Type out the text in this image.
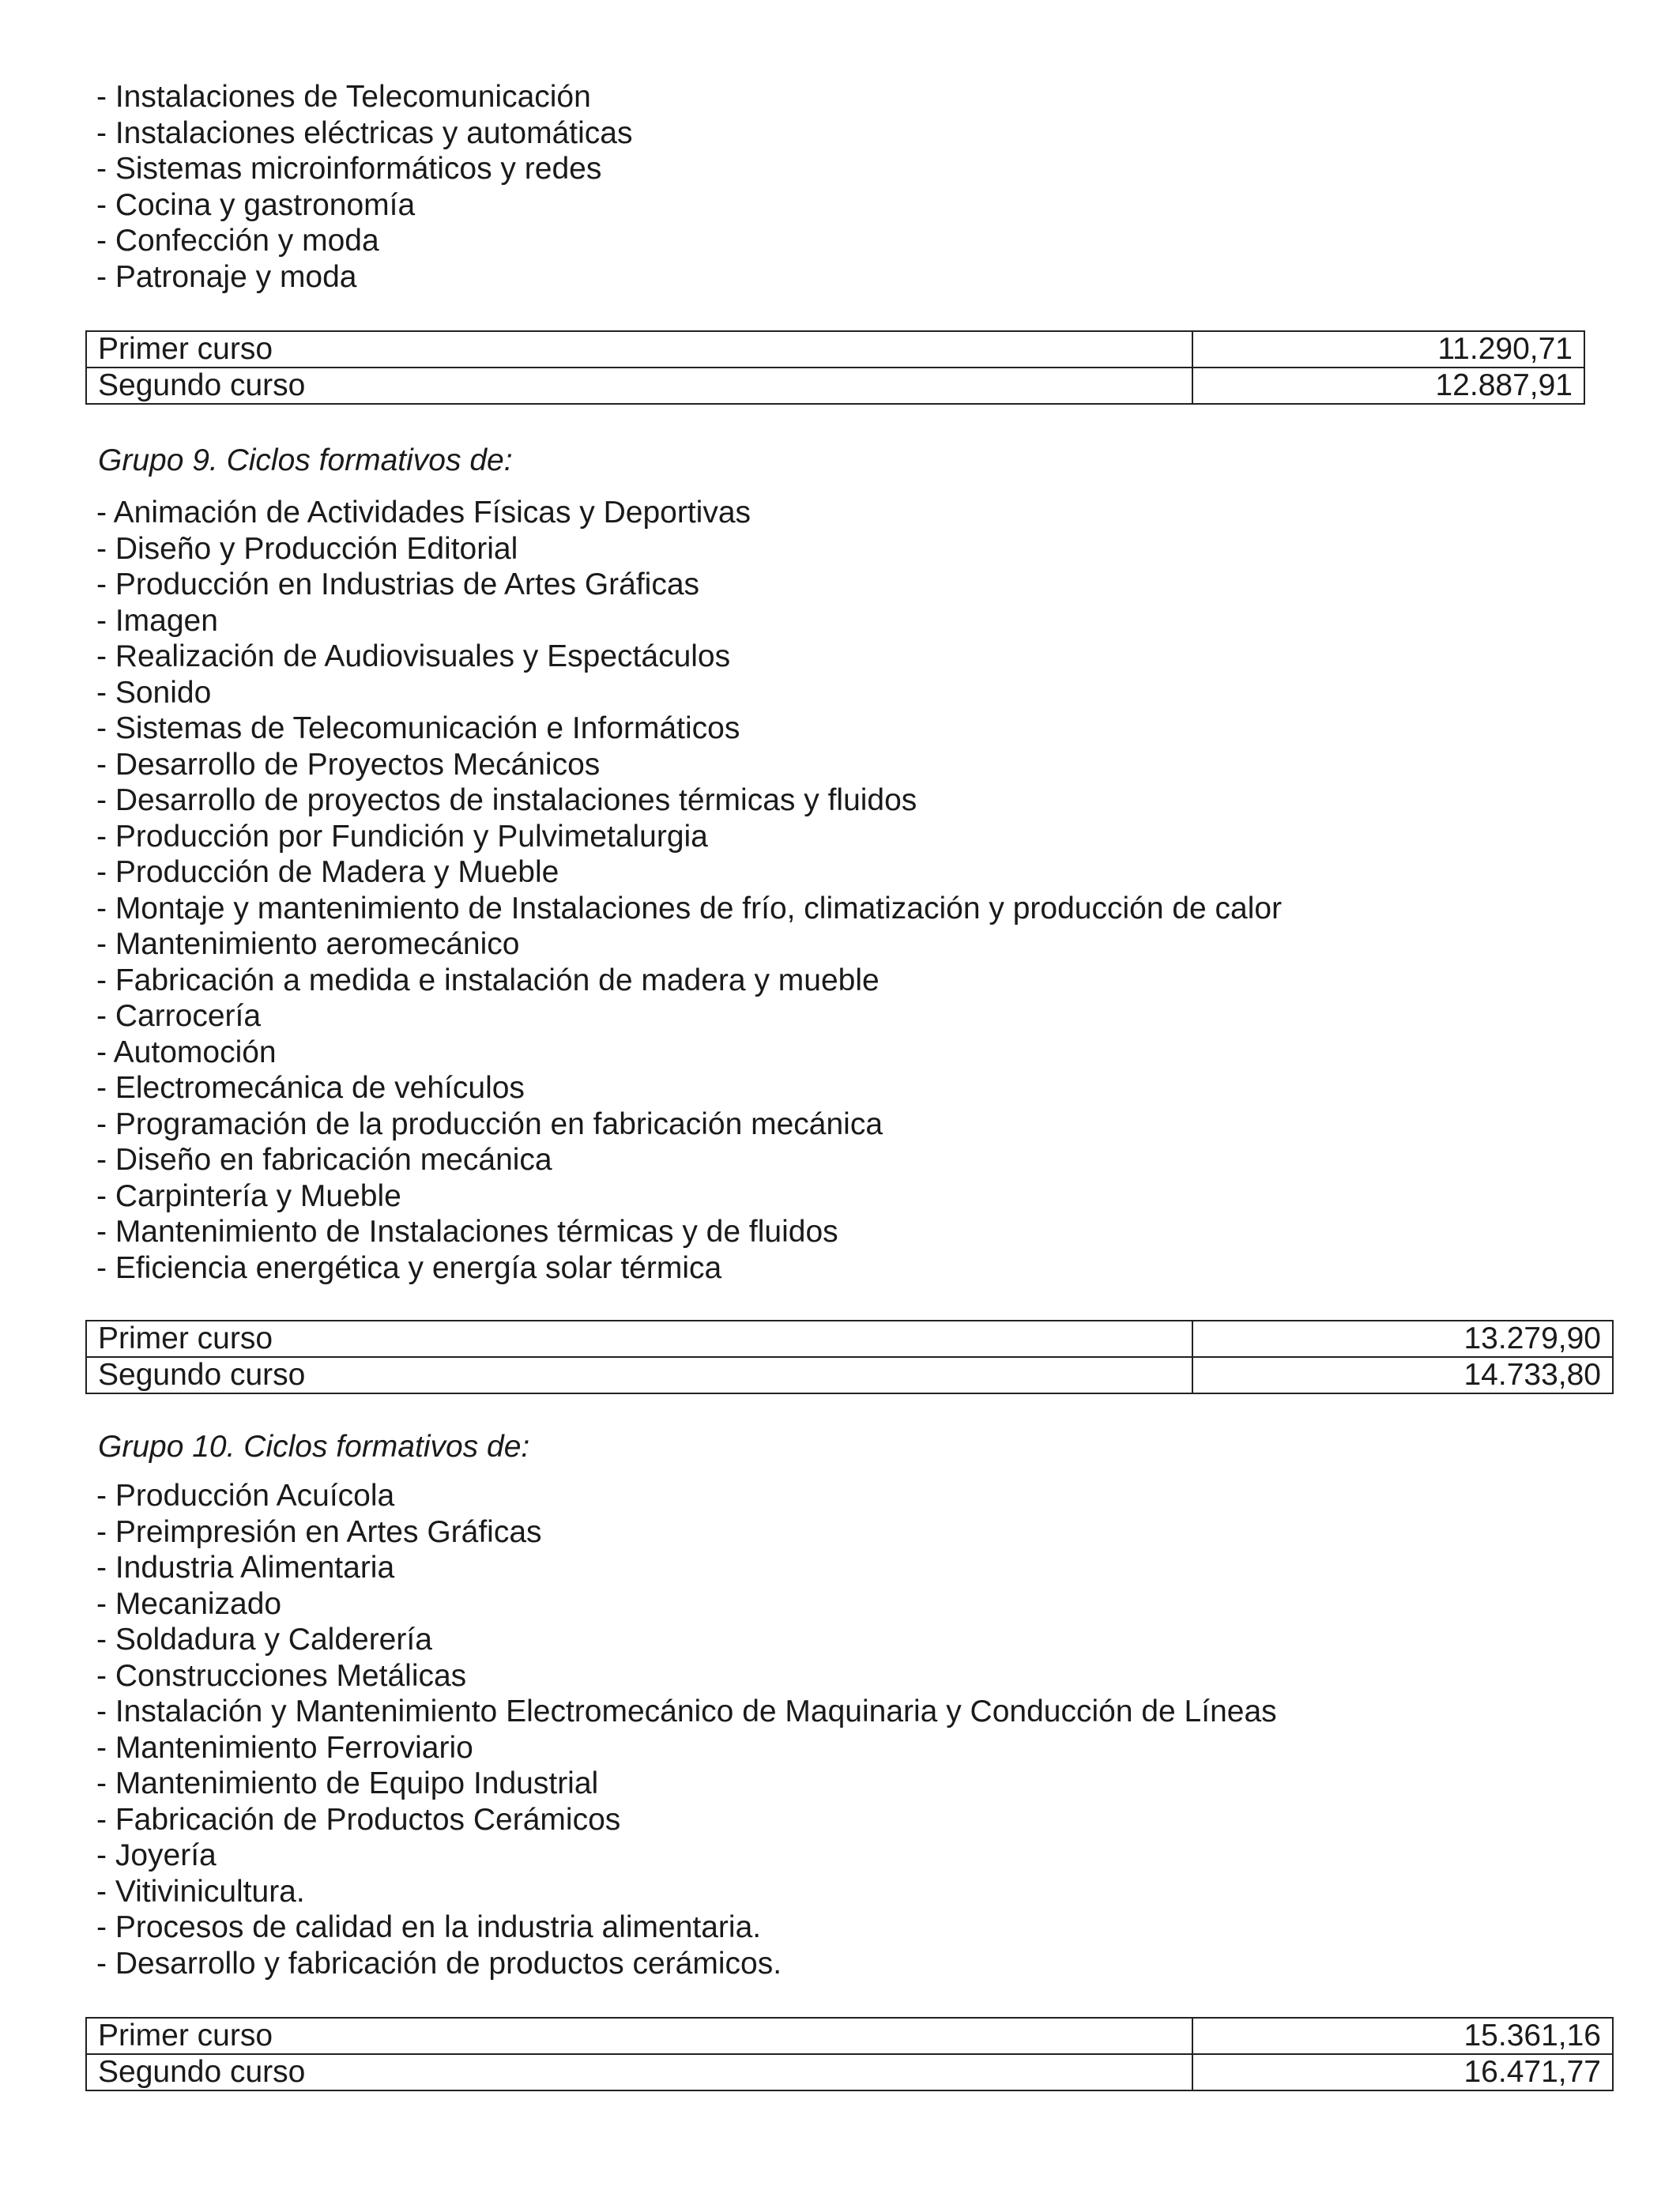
- Instalaciones de Telecomunicación
- Instalaciones eléctricas y automáticas
- Sistemas microinformáticos y redes
- Cocina y gastronomía
- Confección y moda
- Patronaje y moda
Primer curso	11.290,71
Segundo curso	12.887,91
Grupo 9. Ciclos formativos de:
- Animación de Actividades Físicas y Deportivas
- Diseño y Producción Editorial
- Producción en Industrias de Artes Gráficas
- Imagen
- Realización de Audiovisuales y Espectáculos
- Sonido
- Sistemas de Telecomunicación e Informáticos
- Desarrollo de Proyectos Mecánicos
- Desarrollo de proyectos de instalaciones térmicas y fluidos
- Producción por Fundición y Pulvimetalurgia
- Producción de Madera y Mueble
- Montaje y mantenimiento de Instalaciones de frío, climatización y producción de calor
- Mantenimiento aeromecánico
- Fabricación a medida e instalación de madera y mueble
- Carrocería
- Automoción
- Electromecánica de vehículos
- Programación de la producción en fabricación mecánica
- Diseño en fabricación mecánica
- Carpintería y Mueble
- Mantenimiento de Instalaciones térmicas y de fluidos
- Eficiencia energética y energía solar térmica
Primer curso	13.279,90
Segundo curso	14.733,80
Grupo 10. Ciclos formativos de:
- Producción Acuícola
- Preimpresión en Artes Gráficas
- Industria Alimentaria
- Mecanizado
- Soldadura y Calderería
- Construcciones Metálicas
- Instalación y Mantenimiento Electromecánico de Maquinaria y Conducción de Líneas
- Mantenimiento Ferroviario
- Mantenimiento de Equipo Industrial
- Fabricación de Productos Cerámicos
- Joyería
- Vitivinicultura.
- Procesos de calidad en la industria alimentaria.
- Desarrollo y fabricación de productos cerámicos.
Primer curso	15.361,16
Segundo curso	16.471,77
